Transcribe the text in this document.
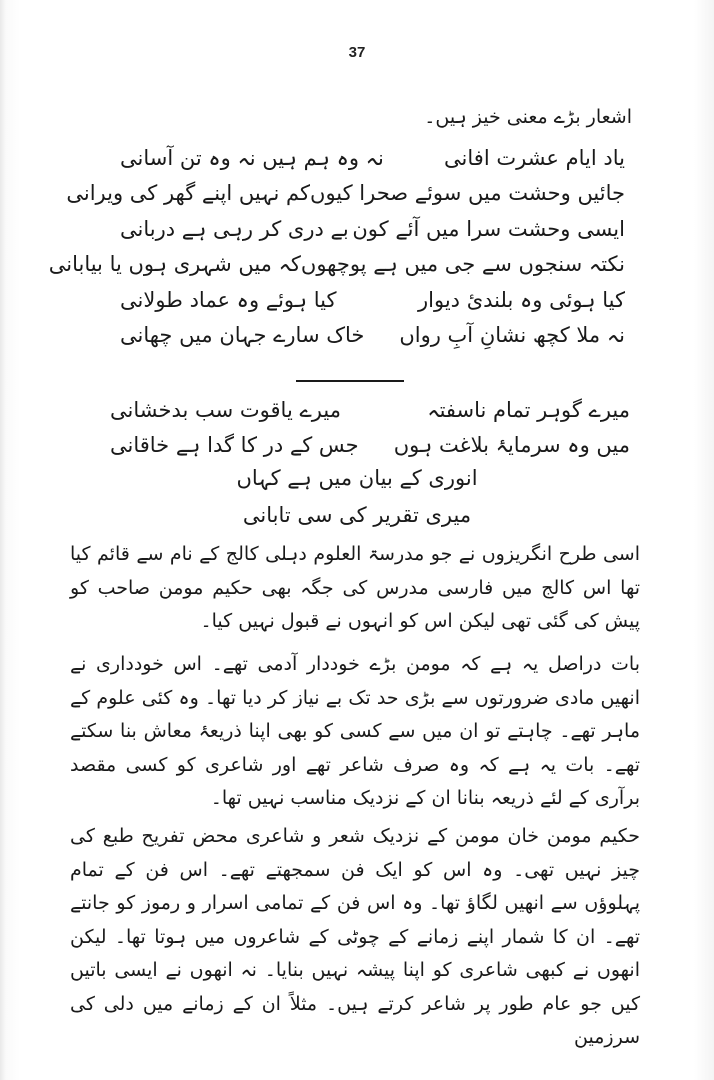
37
اشعار بڑے معنی خیز ہیں۔
یاد ایام عشرت افانی
نہ وہ ہم ہیں نہ وہ تن آسانی
جائیں وحشت میں سوئے صحرا کیوں
کم نہیں اپنے گھر کی ویرانی
ایسی وحشت سرا میں آئے کون
بے دری کر رہی ہے دربانی
نکتہ سنجوں سے جی میں ہے پوچھوں
کہ میں شہری ہوں یا بیابانی
کیا ہوئی وہ بلندئ دیوار
کیا ہوئے وہ عماد طولانی
نہ ملا کچھ نشانِ آبِ رواں
خاک سارے جہان میں چھانی
میرے گوہر تمام ناسفتہ
میرے یاقوت سب بدخشانی
میں وہ سرمایۂ بلاغت ہوں
جس کے در کا گدا ہے خاقانی
انوری کے بیان میں ہے کہاں
میری تقریر کی سی تابانی

اسی طرح انگریزوں نے جو مدرسۃ العلوم دہلی کالج کے نام سے قائم کیا تھا اس کالج میں فارسی مدرس کی جگہ بھی حکیم مومن صاحب کو پیش کی گئی تھی لیکن اس کو انہوں نے قبول نہیں کیا۔

بات دراصل یہ ہے کہ مومن بڑے خوددار آدمی تھے۔ اس خودداری نے انھیں مادی ضرورتوں سے بڑی حد تک بے نیاز کر دیا تھا۔ وہ کئی علوم کے ماہر تھے۔ چاہتے تو ان میں سے کسی کو بھی اپنا ذریعۂ معاش بنا سکتے تھے۔ بات یہ ہے کہ وہ صرف شاعر تھے اور شاعری کو کسی مقصد برآری کے لئے ذریعہ بنانا ان کے نزدیک مناسب نہیں تھا۔

حکیم مومن خان مومن کے نزدیک شعر و شاعری محض تفریح طبع کی چیز نہیں تھی۔ وہ اس کو ایک فن سمجھتے تھے۔ اس فن کے تمام پہلوؤں سے انھیں لگاؤ تھا۔ وہ اس فن کے تمامی اسرار و رموز کو جانتے تھے۔ ان کا شمار اپنے زمانے کے چوٹی کے شاعروں میں ہوتا تھا۔ لیکن انھوں نے کبھی شاعری کو اپنا پیشہ نہیں بنایا۔ نہ انھوں نے ایسی باتیں کیں جو عام طور پر شاعر کرتے ہیں۔ مثلاً ان کے زمانے میں دلی کی سرزمین
